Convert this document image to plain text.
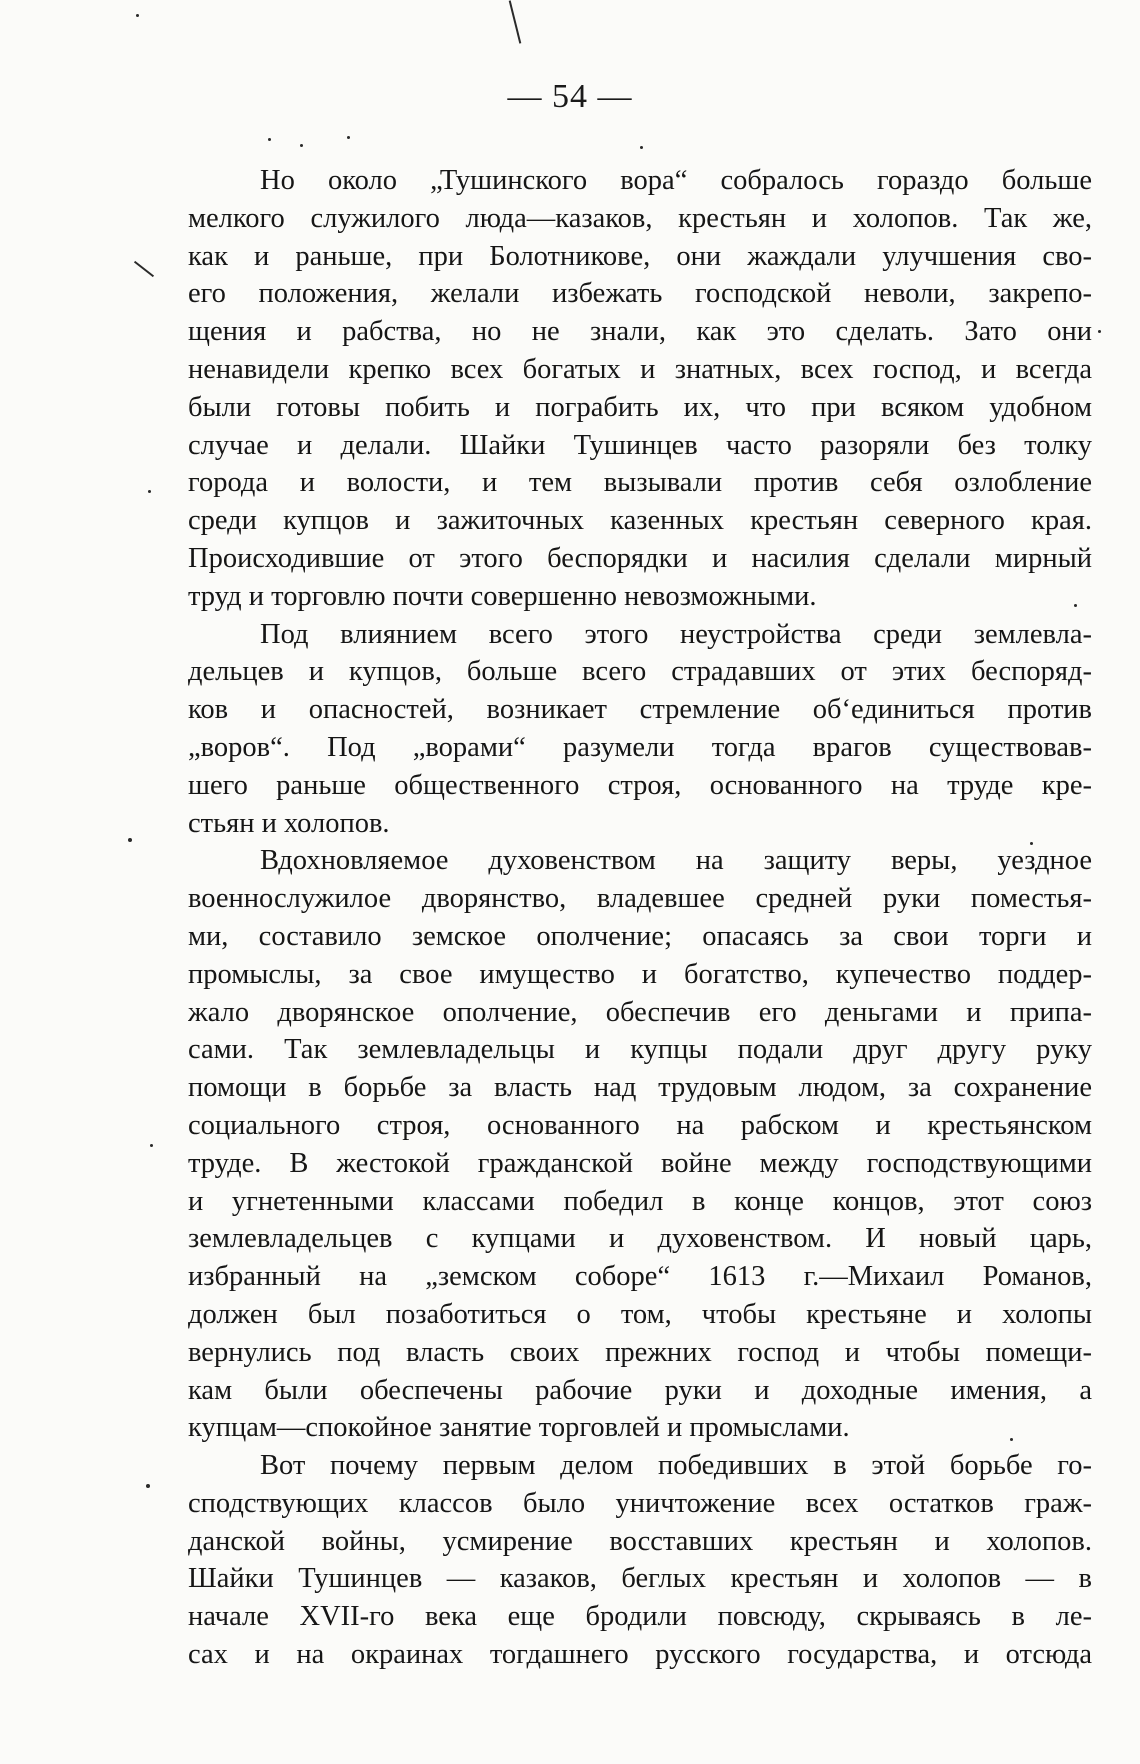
— 54 —

Но около „Тушинского вора“ собралось гораздо больше
мелкого служилого люда—казаков, крестьян и холопов. Так же,
как и раньше, при Болотникове, они жаждали улучшения сво-
его положения, желали избежать господской неволи, закрепо-
щения и рабства, но не знали, как это сделать. Зато они
ненавидели крепко всех богатых и знатных, всех господ, и всегда
были готовы побить и пограбить их, что при всяком удобном
случае и делали. Шайки Тушинцев часто разоряли без толку
города и волости, и тем вызывали против себя озлобление
среди купцов и зажиточных казенных крестьян северного края.
Происходившие от этого беспорядки и насилия сделали мирный
труд и торговлю почти совершенно невозможными.

Под влиянием всего этого неустройства среди землевла-
дельцев и купцов, больше всего страдавших от этих беспоряд-
ков и опасностей, возникает стремление об‘единиться против
„воров“. Под „ворами“ разумели тогда врагов существовав-
шего раньше общественного строя, основанного на труде кре-
стьян и холопов.

Вдохновляемое духовенством на защиту веры, уездное
военнослужилое дворянство, владевшее средней руки поместья-
ми, составило земское ополчение; опасаясь за свои торги и
промыслы, за свое имущество и богатство, купечество поддер-
жало дворянское ополчение, обеспечив его деньгами и припа-
сами. Так землевладельцы и купцы подали друг другу руку
помощи в борьбе за власть над трудовым людом, за сохранение
социального строя, основанного на рабском и крестьянском
труде. В жестокой гражданской войне между господствующими
и угнетенными классами победил в конце концов, этот союз
землевладельцев с купцами и духовенством. И новый царь,
избранный на „земском соборе“ 1613 г.—Михаил Романов,
должен был позаботиться о том, чтобы крестьяне и холопы
вернулись под власть своих прежних господ и чтобы помещи-
кам были обеспечены рабочие руки и доходные имения, а
купцам—спокойное занятие торговлей и промыслами.

Вот почему первым делом победивших в этой борьбе го-
сподствующих классов было уничтожение всех остатков граж-
данской войны, усмирение восставших крестьян и холопов.
Шайки Тушинцев — казаков, беглых крестьян и холопов — в
начале XVII-го века еще бродили повсюду, скрываясь в ле-
сах и на окраинах тогдашнего русского государства, и отсюда
